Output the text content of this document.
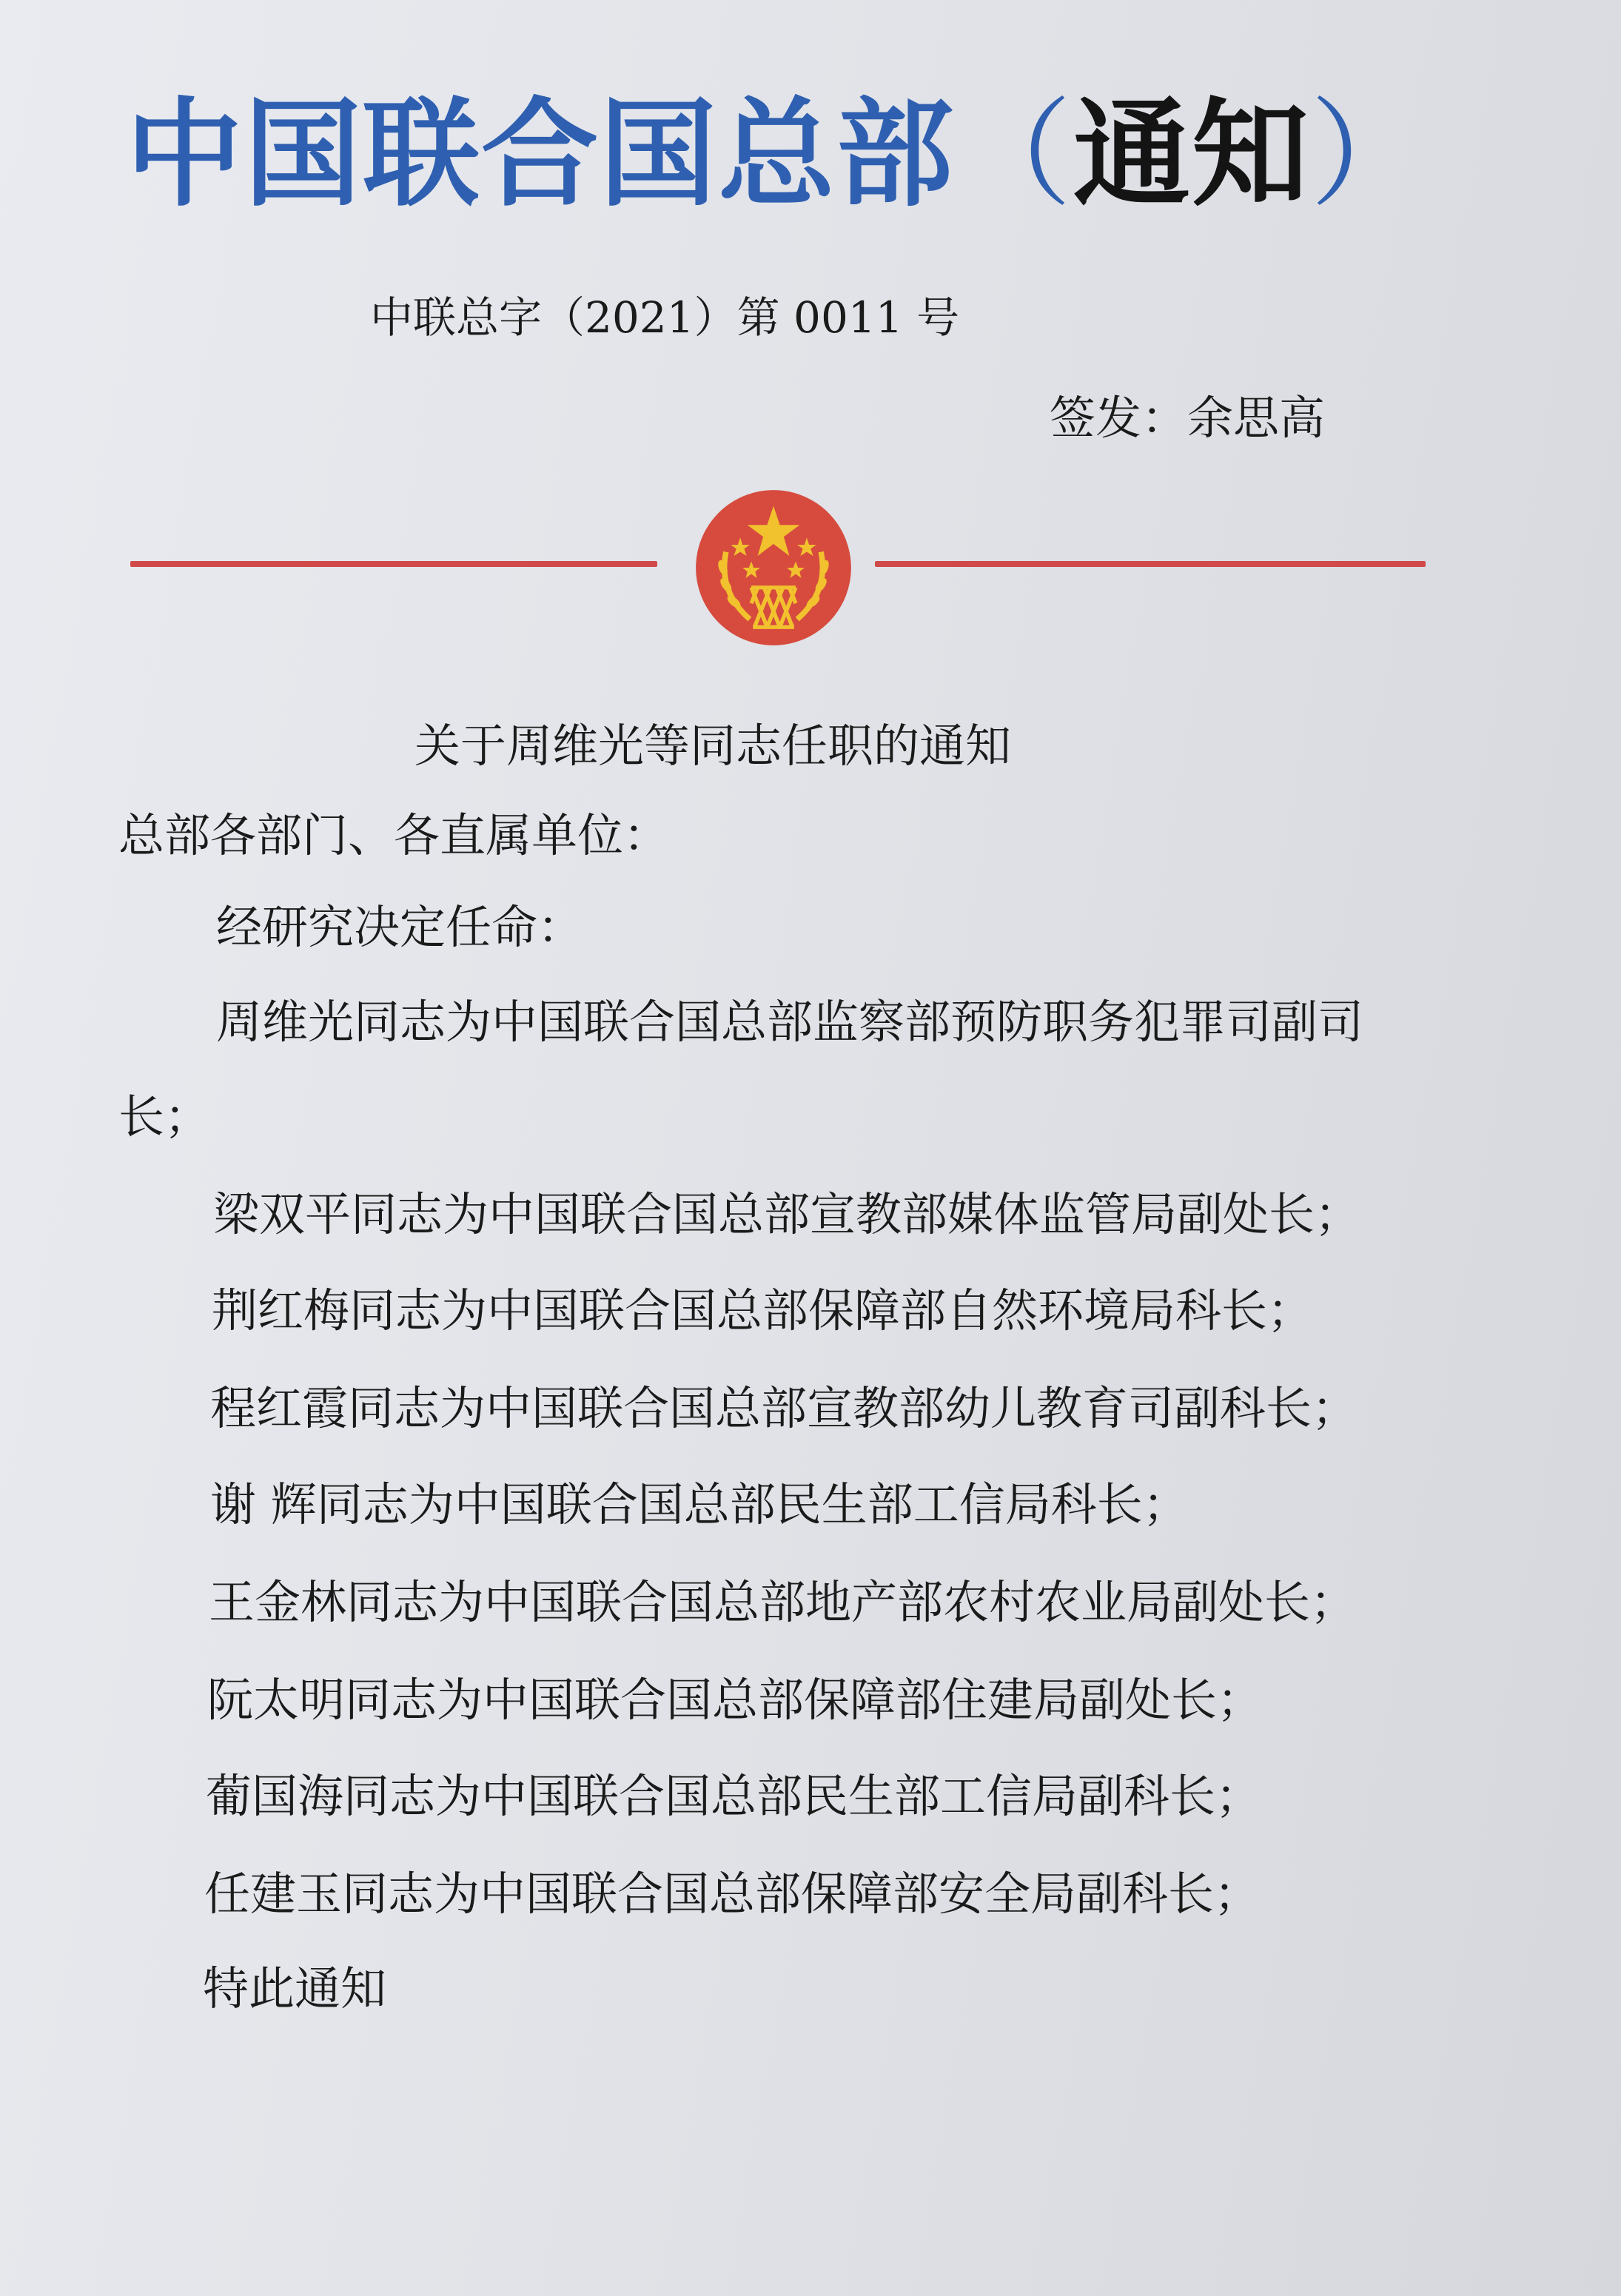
中国联合国总部（通知）
中联总字（2021）第 0011 号
签发：余思高
关于周维光等同志任职的通知
总部各部门、各直属单位：
经研究决定任命：
周维光同志为中国联合国总部监察部预防职务犯罪司副司
长；
梁双平同志为中国联合国总部宣教部媒体监管局副处长；
荆红梅同志为中国联合国总部保障部自然环境局科长；
程红霞同志为中国联合国总部宣教部幼儿教育司副科长；
谢 辉同志为中国联合国总部民生部工信局科长；
王金林同志为中国联合国总部地产部农村农业局副处长；
阮太明同志为中国联合国总部保障部住建局副处长；
葡国海同志为中国联合国总部民生部工信局副科长；
任建玉同志为中国联合国总部保障部安全局副科长；
特此通知
